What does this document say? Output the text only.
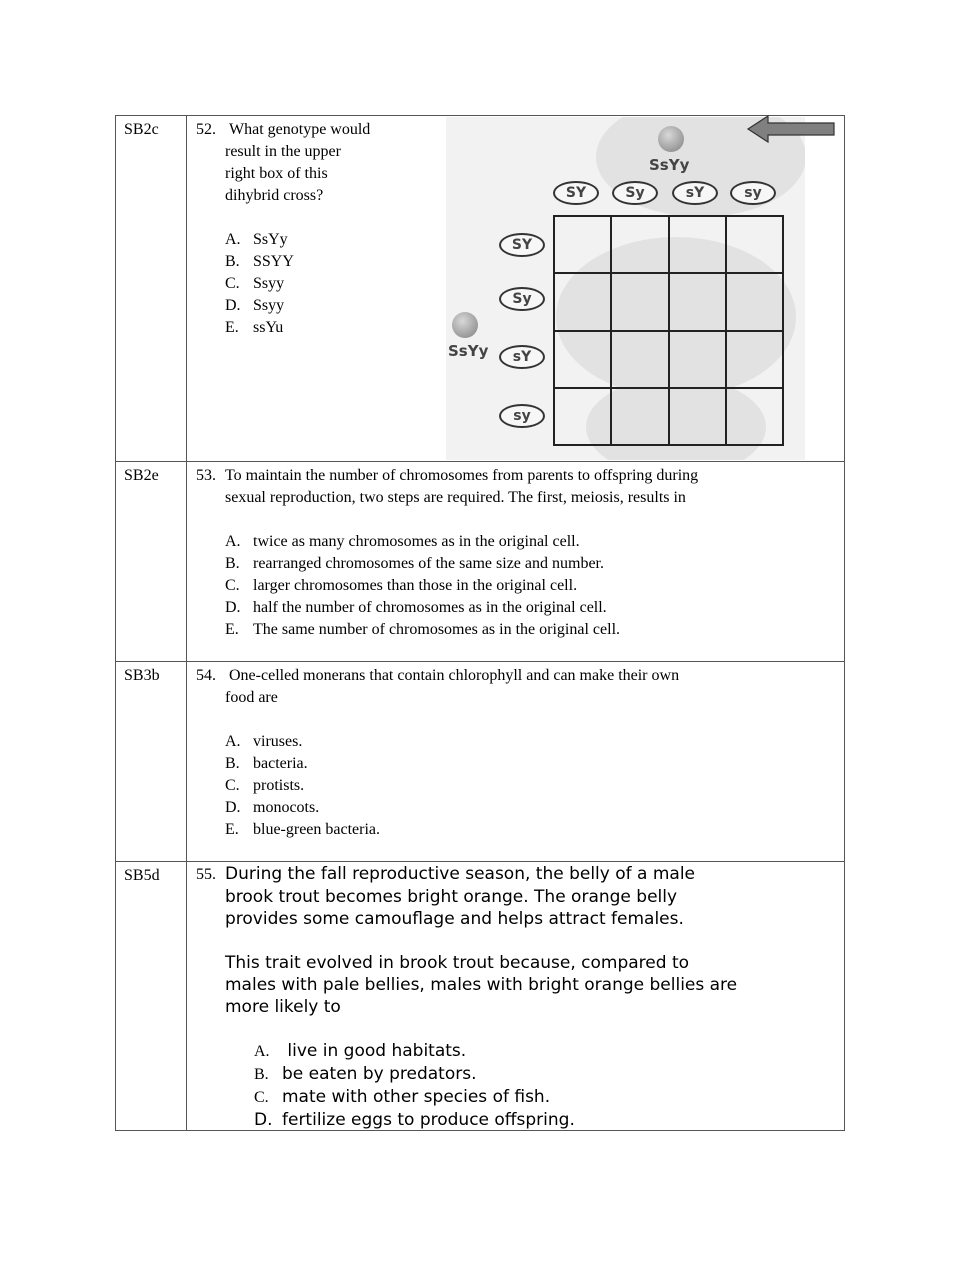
SB2c	52. What genotype would
result in the upper
right box of this
dihybrid cross?
A. SsYy
B. SSYY
C. Ssyy
D. Ssyy
E. ssYu
SsYy
SsYy
SY	Sy	sY	sy
SY
Sy
sY
sy
SB2e	53. To maintain the number of chromosomes from parents to offspring during
sexual reproduction, two steps are required. The first, meiosis, results in
A. twice as many chromosomes as in the original cell.
B. rearranged chromosomes of the same size and number.
C. larger chromosomes than those in the original cell.
D. half the number of chromosomes as in the original cell.
E. The same number of chromosomes as in the original cell.
SB3b	54. One-celled monerans that contain chlorophyll and can make their own
food are
A. viruses.
B. bacteria.
C. protists.
D. monocots.
E. blue-green bacteria.
SB5d	55. During the fall reproductive season, the belly of a male
brook trout becomes bright orange. The orange belly
provides some camouflage and helps attract females.
This trait evolved in brook trout because, compared to
males with pale bellies, males with bright orange bellies are
more likely to
A. live in good habitats.
B. be eaten by predators.
C. mate with other species of fish.
D. fertilize eggs to produce offspring.
